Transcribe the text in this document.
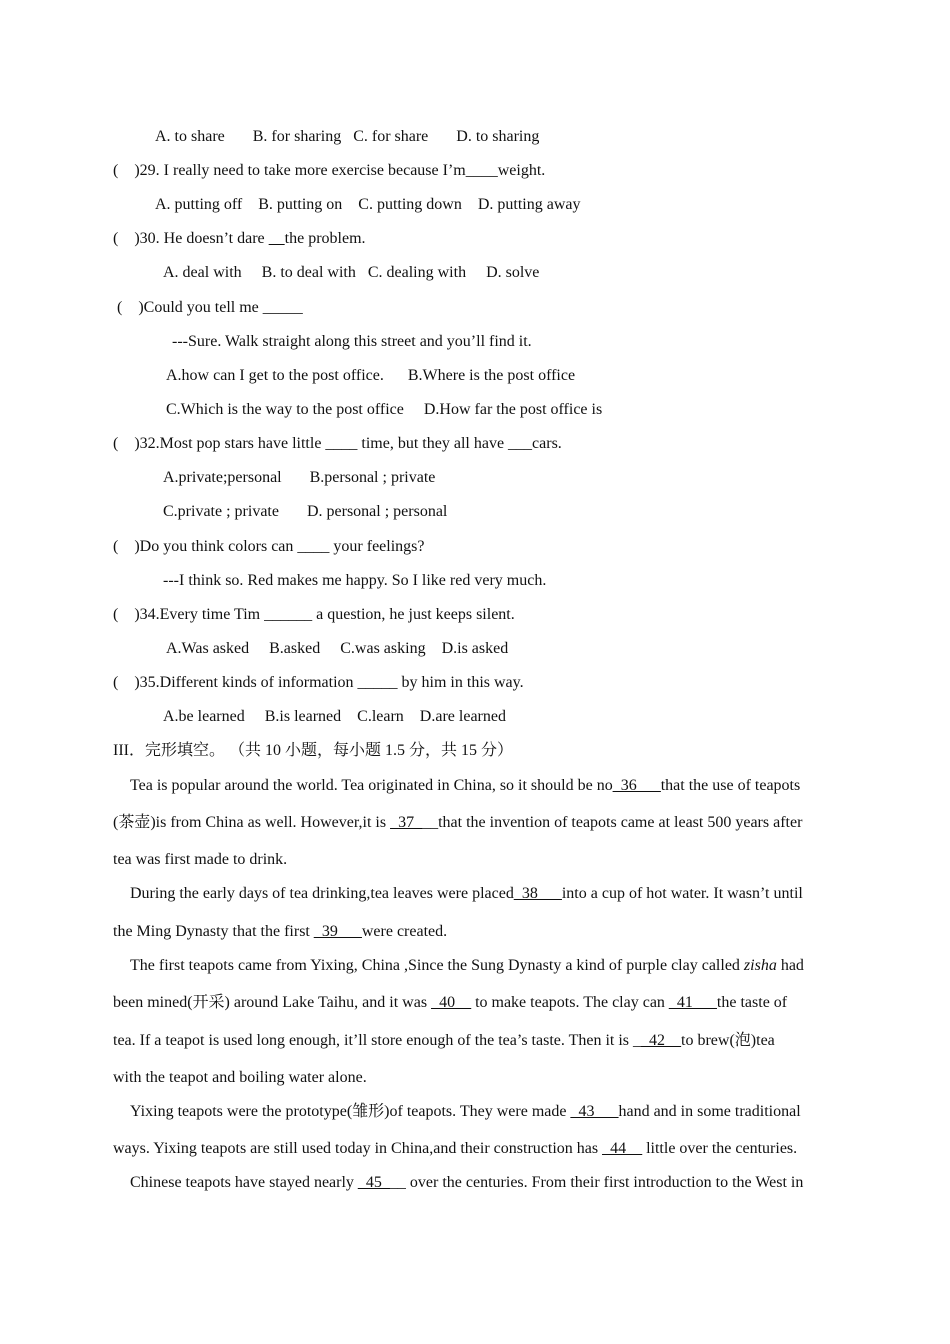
A. to share       B. for sharing   C. for share       D. to sharing
(    )29. I really need to take more exercise because I’m____weight.
A. putting off    B. putting on    C. putting down    D. putting away
(    )30. He doesn’t dare     the problem.
A. deal with     B. to deal with   C. dealing with     D. solve
(    )Could you tell me _____
---Sure. Walk straight along this street and you’ll find it.
A.how can I get to the post office.      B.Where is the post office
C.Which is the way to the post office     D.How far the post office is
(    )32.Most pop stars have little ____ time, but they all have ___cars.
A.private;personal       B.personal ; private
C.private ; private       D. personal ; personal
(    )Do you think colors can ____ your feelings?
---I think so. Red makes me happy. So I like red very much.
(    )34.Every time Tim ______ a question, he just keeps silent.
A.Was asked     B.asked     C.was asking    D.is asked
(    )35.Different kinds of information _____ by him in this way.
A.be learned     B.is learned    C.learn    D.are learned
III．完形填空。 （共 10 小题，每小题 1.5 分，共 15 分）
Tea is popular around the world. Tea originated in China, so it should be no_36___that the use of teapots
(茶壶)is from China as well. However,it is _37___that the invention of teapots came at least 500 years after
tea was first made to drink.
During the early days of tea drinking,tea leaves were placed_38___into a cup of hot water. It wasn’t until
the Ming Dynasty that the first _39___were created.
The first teapots came from Yixing, China ,Since the Sung Dynasty a kind of purple clay called zisha had
been mined(开采) around Lake Taihu, and it was _40__ to make teapots. The clay can _41___the taste of
tea. If a teapot is used long enough, it’ll store enough of the tea’s taste. Then it is __42__to brew(泡)tea
with the teapot and boiling water alone.
Yixing teapots were the prototype(雏形)of teapots. They were made _43___hand and in some traditional
ways. Yixing teapots are still used today in China,and their construction has _44__ little over the centuries.
Chinese teapots have stayed nearly _45___ over the centuries. From their first introduction to the West in
